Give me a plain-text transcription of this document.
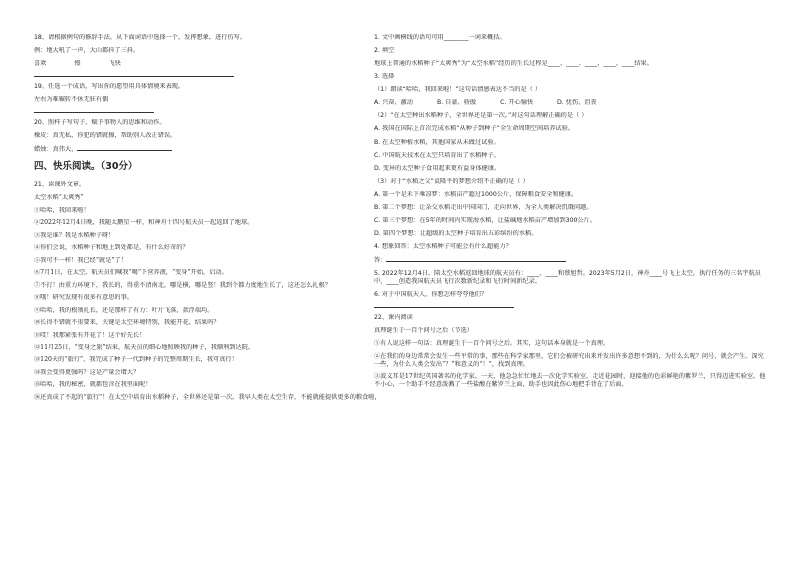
18、请根据例句的修辞手法，从下面词语中选择一个，发挥想象，进行仿写。
例：地大吼了一声，大山都抖了三抖。
喜欢	慢	飞快
19、任选一个成语，写出你的愿望用具体情境来表现。
左右为难辗转不休无驻有偶
20、照样子写句子，赋予事物人的思维和动作。
橡皮：真无私，你犯的错就擦，帮助别人改正错误。
蜡烛：真伟大，
四、快乐阅读。（30分）
21、读课外文章。
太空水稻“太爽秀”
①哈哈，我回来啦！
②2022年12月4日晚，我随太鹏星一样，和神舟十四号航天员一起返回了地球。
③我是谁？我是水稻种子呀！
④你们会说，水稻种子和地上到处都是，有什么好奇的？
⑤我可不一样！我已经“就是”了！
⑥7月1日，在太空，航天员们喊我“喝”下营养液，“变身”开始，启动。
⑦不打！由重力环境下，我长的，得重不清南北，哪是横，哪是竖！我到个都力度地生长了，这还怎么扎根？
⑧哦！研究发现有很多有意思的事。
⑨哈哈，我的根须扎长，还是那样了有力：叶片飞落，款浮端均。
⑩长得不错就不重要来，关键是太空环境特别，我能开花、结果吗？
⑪哎！我那紧张有开花了！这个好先长！
⑫11月25日，“变身之旅”结束，航天员的细心地照顾我的种子，我顺利到达院。
⑬120天的“旅行”，我完成了种子一代到种子的完整周期生长，我可真行！
⑭我会变得更强吗？这是产量会增大？
⑮哈哈，我的秘密，就都包含在我里面呢！
⑯还真成了不起的“旅行”！在太空中培育出水稻种子，全世界还是第一次。我早人类在太空生存，不能就能提供更多的粮食啦，
1. 文中画横线的语句可用________一词来概括。
2. 填空
地球上普通的水稻种子“太爽秀”为“太空水稻”经历的生长过程是____、____、____、____、____结果。
3. 选择
（1）朗读“哈哈，我回来啦！”这句话情感表达不当的是（ ）
A. 兴奋、激动	B. 自豪、骄傲	C. 开心愉快	D. 忧伤、沮丧
（2）“在太空种出水稻种子，全世界还是第一次。”对这句话理解正确的是（ ）
A. 我国在国际上首次完成水稻“从种子到种子”全生命周期空间培养试验。
B. 在太空种植水稻，其他国家从未做过试验。
C. 中国航天技术在太空只培育出了水稻种子。
D. 变异的太空种子食用起来更有益身体健康。
（3）对于“水稻之父”袁隆平的梦想介绍不正确的是（ ）
A. 第一个是禾下乘凉梦：水稻亩产超过1000公斤，保障粮食安全和健康。
B. 第二个梦想：让杂交水稻走出中国国门，走向世界，为全人类解决饥饿问题。
C. 第三个梦想：在5年的时间内实现海水稻，让盐碱地水稻亩产增加到300公斤。
D. 第四个梦想：让超级的太空种子培育出五彩缤纷的水稻。
4. 想象回答：太空水稻种子可能会有什么超能力？
答：
5. 2022年12月4日，陪太空水稻返回地球的航天员有：____、____和蔡旭哲。2023年5月2日，神舟____号飞上太空，执行任务的三名宇航员中，____创造我国航天员飞行次数新纪录和飞行时间新纪录。
6. 对于中国航天人，你想怎样夸夸他们？
22、课内阅读
真理诞生于一百个问号之后（节选）
①有人说这样一句话：真理诞生于一百个问号之后。其实，这句话本身就是一个真理。
②在我们的身边常常会发生一些平常的事，那些在科学家那里，它们会被研究出来并发出许多意想不到的，为什么么呢？问号，就会产生。深究一些，为什么人类会发出“？”和意义的“！”，找到真理。
③波义耳是17世纪英国著名的化学家。一天，他急急忙忙地去一次化学实验室，走近花园时，迎接他的色彩鲜艳的紫罗兰，只得迈进实验室。他不小心，一个助手不经意泼溅了一些盐酸在紫罗兰上面，助手也因此伤心地把手背在了后面。
